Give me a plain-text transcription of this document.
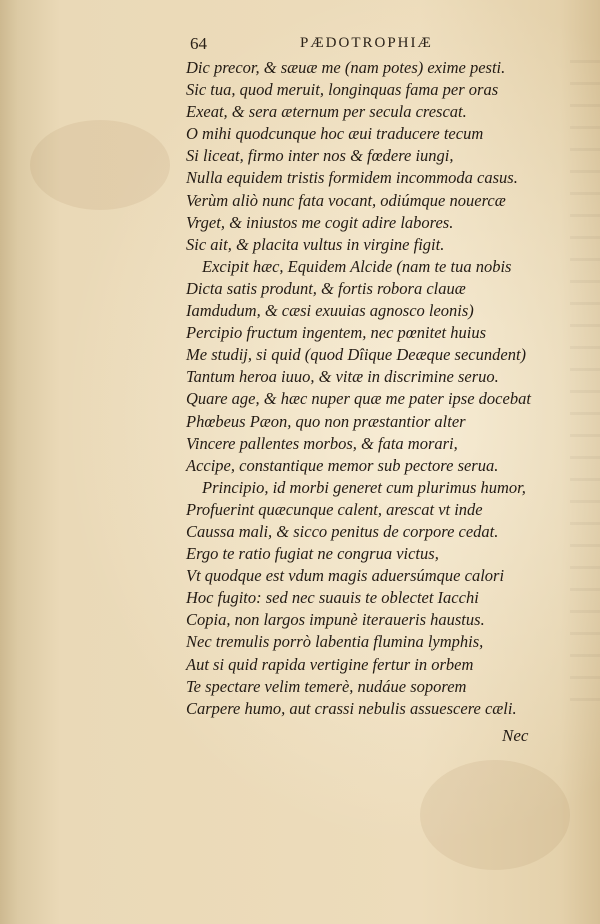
64	PÆDOTROPHIÆ
Dic precor, & sæuæ me (nam potes) exime pesti.
Sic tua, quod meruit, longinquas fama per oras
Exeat, & sera æternum per secula crescat.
O mihi quodcunque hoc æui traducere tecum
Si liceat, firmo inter nos & fœdere iungi,
Nulla equidem tristis formidem incommoda casus.
Verùm aliò nunc fata vocant, odiúmque nouercæ
Vrget, & iniustos me cogit adire labores.
Sic ait, & placita vultus in virgine figit.
Excipit hæc, Equidem Alcide (nam te tua nobis
Dicta satis produnt, & fortis robora clauæ
Iamdudum, & cæsi exuuias agnosco leonis)
Percipio fructum ingentem, nec pœnitet huius
Me studij, si quid (quod Dîique Deæque secundent)
Tantum heroa iuuo, & vitæ in discrimine seruo.
Quare age, & hæc nuper quæ me pater ipse docebat
Phœbeus Pæon, quo non præstantior alter
Vincere pallentes morbos, & fata morari,
Accipe, constantique memor sub pectore serua.
Principio, id morbi generet cum plurimus humor,
Profuerint quæcunque calent, arescat vt inde
Caussa mali, & sicco penitus de corpore cedat.
Ergo te ratio fugiat ne congrua victus,
Vt quodque est vdum magis aduersúmque calori
Hoc fugito: sed nec suauis te oblectet Iacchi
Copia, non largos impunè iteraueris haustus.
Nec tremulis porrò labentia flumina lymphis,
Aut si quid rapida vertigine fertur in orbem
Te spectare velim temerè, nudáue soporem
Carpere humo, aut crassi nebulis assuescere cæli.
Nec
